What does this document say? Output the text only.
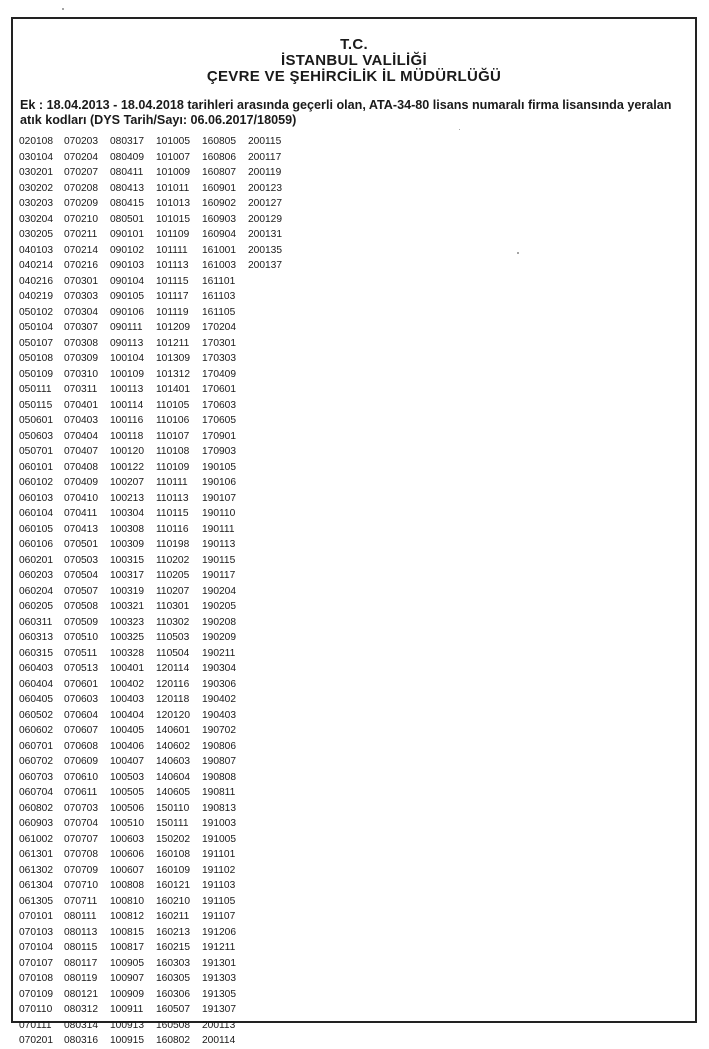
T.C.
İSTANBUL VALİLİĞİ
ÇEVRE VE ŞEHİRCİLİK İL MÜDÜRLÜĞÜ
Ek : 18.04.2013 - 18.04.2018 tarihleri arasında geçerli olan, ATA-34-80 lisans numaralı firma lisansında yeralan atık kodları (DYS Tarih/Sayı: 06.06.2017/18059)
020108
030104
030201
030202
030203
030204
030205
040103
040214
040216
040219
050102
050104
050107
050108
050109
050111
050115
050601
050603
050701
060101
060102
060103
060104
060105
060106
060201
060203
060204
060205
060311
060313
060315
060403
060404
060405
060502
060602
060701
060702
060703
060704
060802
060903
061002
061301
061302
061304
061305
070101
070103
070104
070107
070108
070109
070110
070111
070201
070203
070204
070207
070208
070209
070210
070211
070214
070216
070301
070303
070304
070307
070308
070309
070310
070311
070401
070403
070404
070407
070408
070409
070410
070411
070413
070501
070503
070504
070507
070508
070509
070510
070511
070513
070601
070603
070604
070607
070608
070609
070610
070611
070703
070704
070707
070708
070709
070710
070711
080111
080113
080115
080117
080119
080121
080312
080314
080316
080317
080409
080411
080413
080415
080501
090101
090102
090103
090104
090105
090106
090111
090113
100104
100109
100113
100114
100116
100118
100120
100122
100207
100213
100304
100308
100309
100315
100317
100319
100321
100323
100325
100328
100401
100402
100403
100404
100405
100406
100407
100503
100505
100506
100510
100603
100606
100607
100808
100810
100812
100815
100817
100905
100907
100909
100911
100913
100915
101005
101007
101009
101011
101013
101015
101109
101111
101113
101115
101117
101119
101209
101211
101309
101312
101401
110105
110106
110107
110108
110109
110111
110113
110115
110116
110198
110202
110205
110207
110301
110302
110503
110504
120114
120116
120118
120120
140601
140602
140603
140604
140605
150110
150111
150202
160108
160109
160121
160210
160211
160213
160215
160303
160305
160306
160507
160508
160802
160805
160806
160807
160901
160902
160903
160904
161001
161003
161101
161103
161105
170204
170301
170303
170409
170601
170603
170605
170901
170903
190105
190106
190107
190110
190111
190113
190115
190117
190204
190205
190208
190209
190211
190304
190306
190402
190403
190702
190806
190807
190808
190811
190813
191003
191005
191101
191102
191103
191105
191107
191206
191211
191301
191303
191305
191307
200113
200114
200115
200117
200119
200123
200127
200129
200131
200135
200137
